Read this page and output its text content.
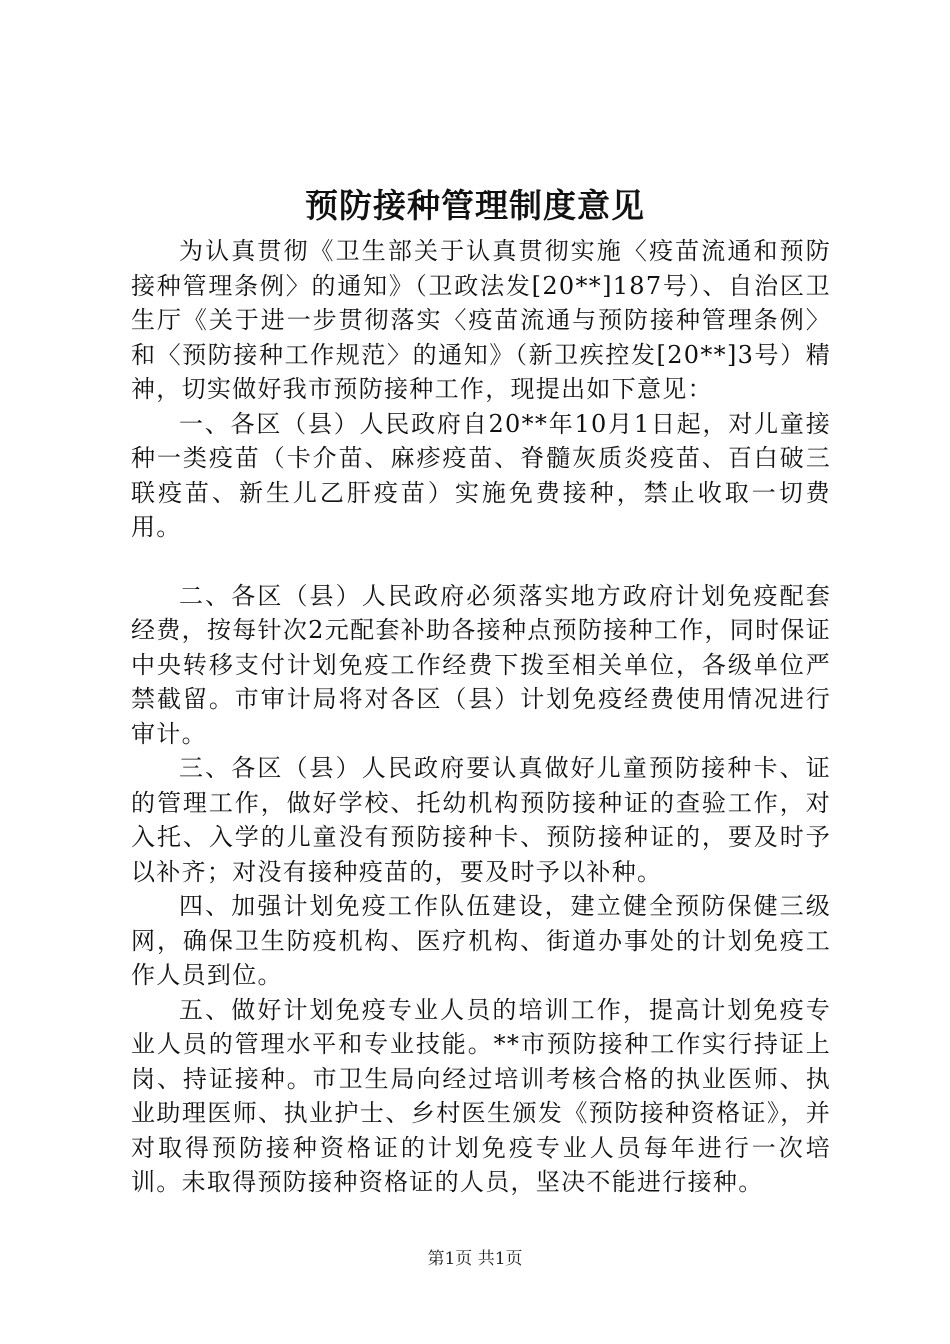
预防接种管理制度意见

为认真贯彻《卫生部关于认真贯彻实施〈疫苗流通和预防接种管理条例〉的通知》（卫政法发[20**]187号）、自治区卫生厅《关于进一步贯彻落实〈疫苗流通与预防接种管理条例〉和〈预防接种工作规范〉的通知》（新卫疾控发[20**]3号）精神，切实做好我市预防接种工作，现提出如下意见：

一、各区（县）人民政府自20**年10月1日起，对儿童接种一类疫苗（卡介苗、麻疹疫苗、脊髓灰质炎疫苗、百白破三联疫苗、新生儿乙肝疫苗）实施免费接种，禁止收取一切费用。

二、各区（县）人民政府必须落实地方政府计划免疫配套经费，按每针次2元配套补助各接种点预防接种工作，同时保证中央转移支付计划免疫工作经费下拨至相关单位，各级单位严禁截留。市审计局将对各区（县）计划免疫经费使用情况进行审计。

三、各区（县）人民政府要认真做好儿童预防接种卡、证的管理工作，做好学校、托幼机构预防接种证的查验工作，对入托、入学的儿童没有预防接种卡、预防接种证的，要及时予以补齐；对没有接种疫苗的，要及时予以补种。

四、加强计划免疫工作队伍建设，建立健全预防保健三级网，确保卫生防疫机构、医疗机构、街道办事处的计划免疫工作人员到位。

五、做好计划免疫专业人员的培训工作，提高计划免疫专业人员的管理水平和专业技能。**市预防接种工作实行持证上岗、持证接种。市卫生局向经过培训考核合格的执业医师、执业助理医师、执业护士、乡村医生颁发《预防接种资格证》，并对取得预防接种资格证的计划免疫专业人员每年进行一次培训。未取得预防接种资格证的人员，坚决不能进行接种。

第1页 共1页
